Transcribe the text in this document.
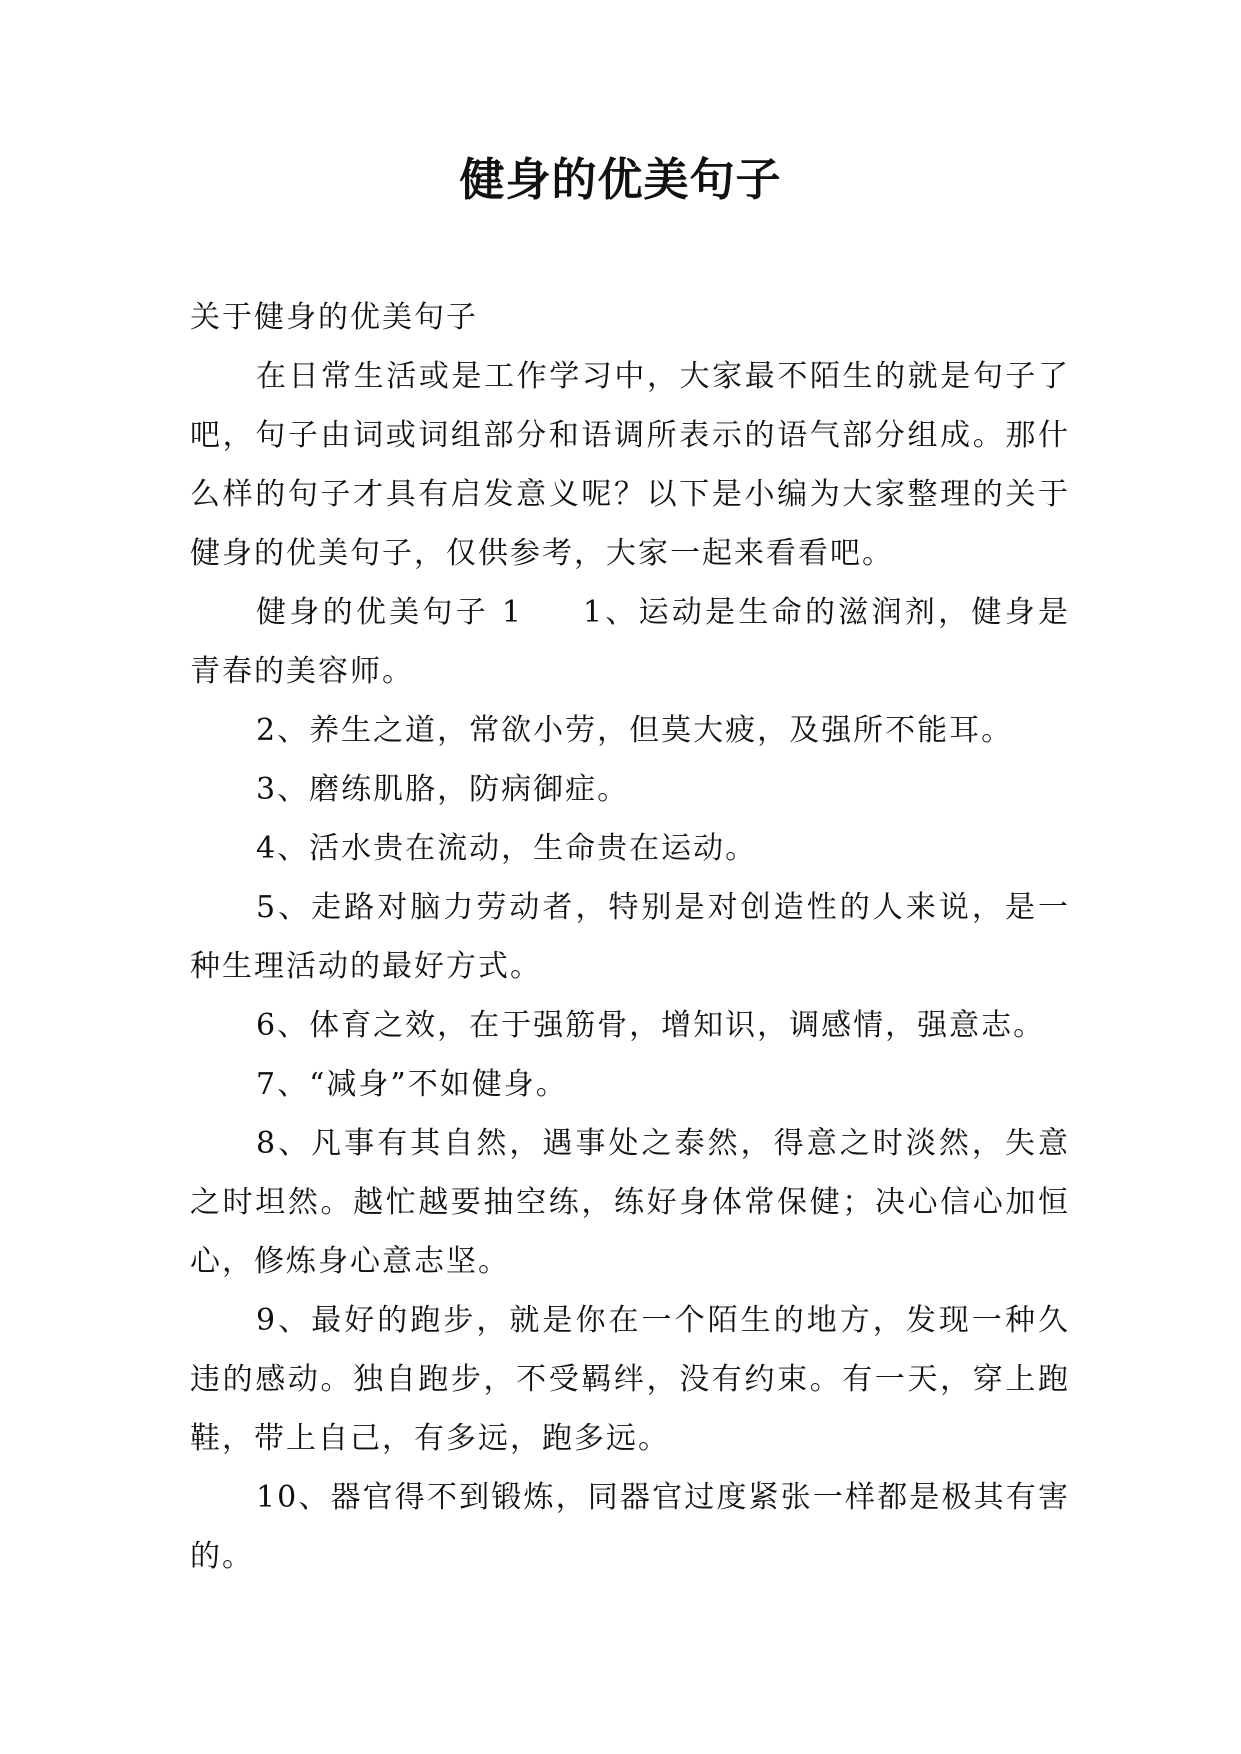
健身的优美句子

关于健身的优美句子

在日常生活或是工作学习中，大家最不陌生的就是句子了吧，句子由词或词组部分和语调所表示的语气部分组成。那什么样的句子才具有启发意义呢？以下是小编为大家整理的关于健身的优美句子，仅供参考，大家一起来看看吧。

健身的优美句子 1 1、运动是生命的滋润剂，健身是青春的美容师。

2、养生之道，常欲小劳，但莫大疲，及强所不能耳。

3、磨练肌胳，防病御症。

4、活水贵在流动，生命贵在运动。

5、走路对脑力劳动者，特别是对创造性的人来说，是一种生理活动的最好方式。

6、体育之效，在于强筋骨，增知识，调感情，强意志。

7、“减身”不如健身。

8、凡事有其自然，遇事处之泰然，得意之时淡然，失意之时坦然。越忙越要抽空练，练好身体常保健；决心信心加恒心，修炼身心意志坚。

9、最好的跑步，就是你在一个陌生的地方，发现一种久违的感动。独自跑步，不受羁绊，没有约束。有一天，穿上跑鞋，带上自己，有多远，跑多远。

10、器官得不到锻炼，同器官过度紧张一样都是极其有害的。
